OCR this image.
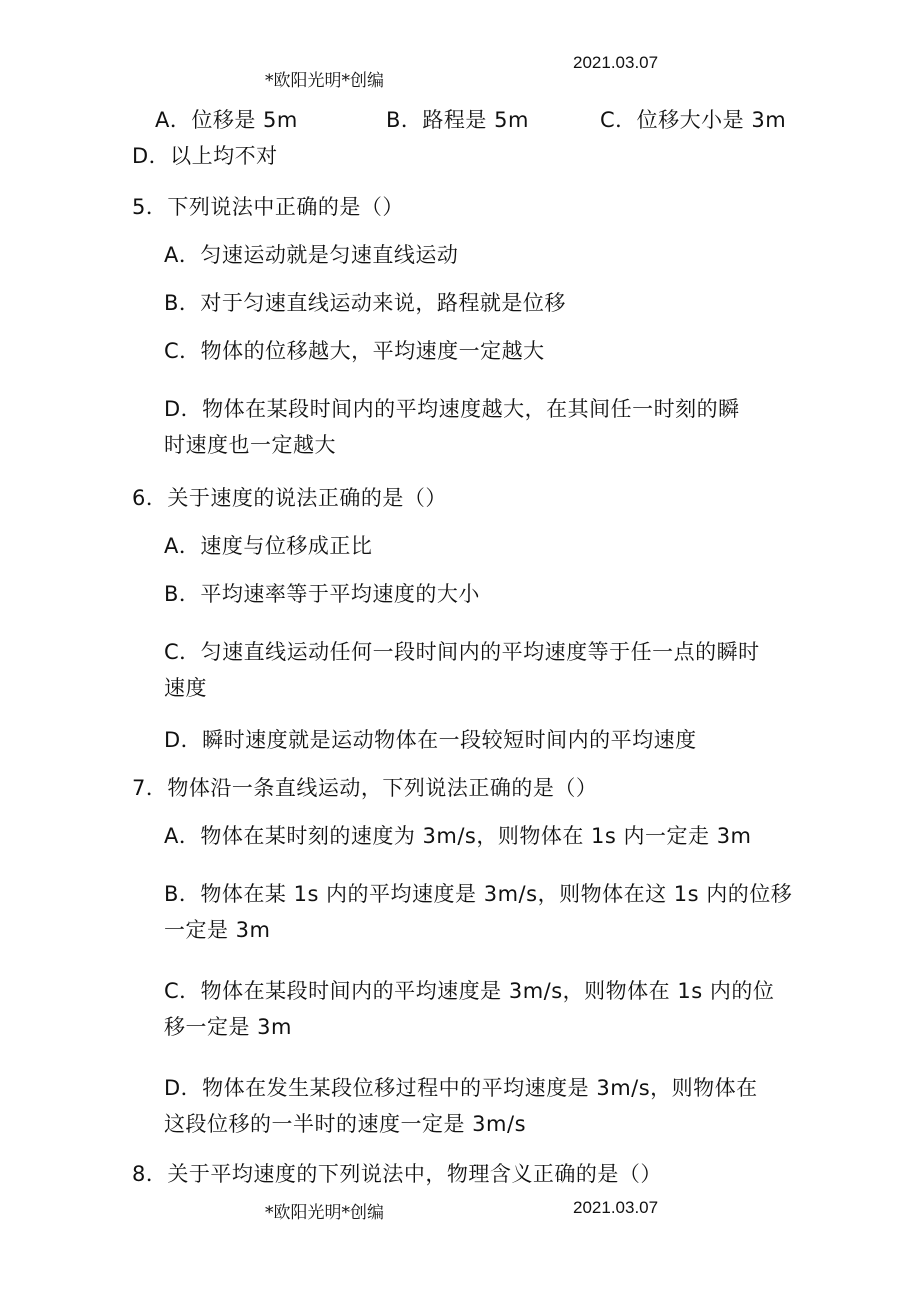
*欧阳光明*创编
2021.03.07
A．位移是 5m	B．路程是 5m	C．位移大小是 3m
D．以上均不对
5．下列说法中正确的是（）
A．匀速运动就是匀速直线运动
B．对于匀速直线运动来说，路程就是位移
C．物体的位移越大，平均速度一定越大
D．物体在某段时间内的平均速度越大，在其间任一时刻的瞬
时速度也一定越大
6．关于速度的说法正确的是（）
A．速度与位移成正比
B．平均速率等于平均速度的大小
C．匀速直线运动任何一段时间内的平均速度等于任一点的瞬时
速度
D．瞬时速度就是运动物体在一段较短时间内的平均速度
7．物体沿一条直线运动，下列说法正确的是（）
A．物体在某时刻的速度为 3m/s，则物体在 1s 内一定走 3m
B．物体在某 1s 内的平均速度是 3m/s，则物体在这 1s 内的位移
一定是 3m
C．物体在某段时间内的平均速度是 3m/s，则物体在 1s 内的位
移一定是 3m
D．物体在发生某段位移过程中的平均速度是 3m/s，则物体在
这段位移的一半时的速度一定是 3m/s
8．关于平均速度的下列说法中，物理含义正确的是（）
*欧阳光明*创编	2021.03.07
